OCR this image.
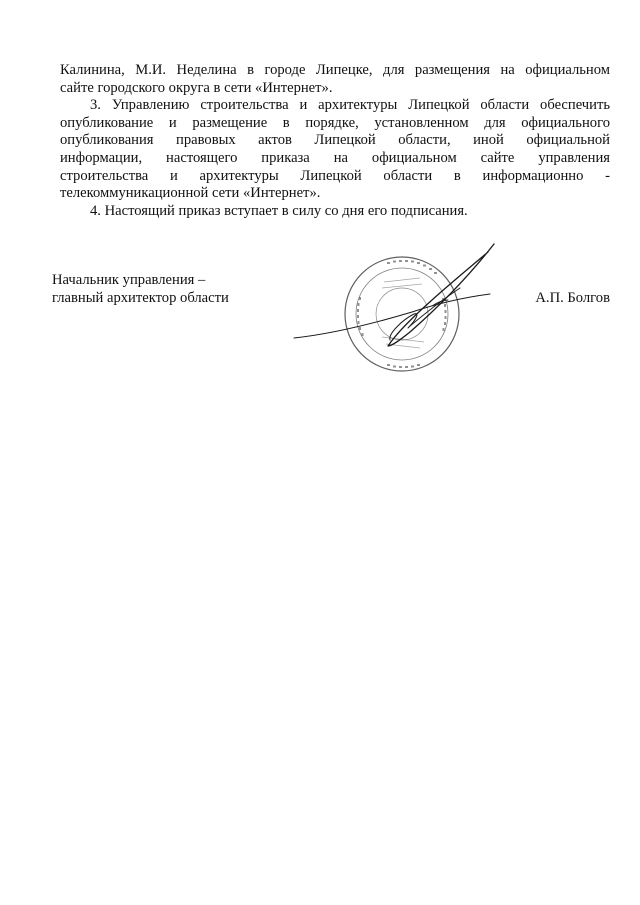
Калинина, М.И. Неделина в городе Липецке, для размещения на официальном
сайте городского округа в сети «Интернет».

3. Управлению строительства и архитектуры Липецкой области обеспечить
опубликование и размещение в порядке, установленном для официального
опубликования правовых актов Липецкой области, иной официальной
информации, настоящего приказа на официальном сайте управления
строительства и архитектуры Липецкой области в информационно -
телекоммуникационной сети «Интернет».

4. Настоящий приказ вступает в силу со дня его подписания.

Начальник управления –
главный архитектор области	А.П. Болгов
